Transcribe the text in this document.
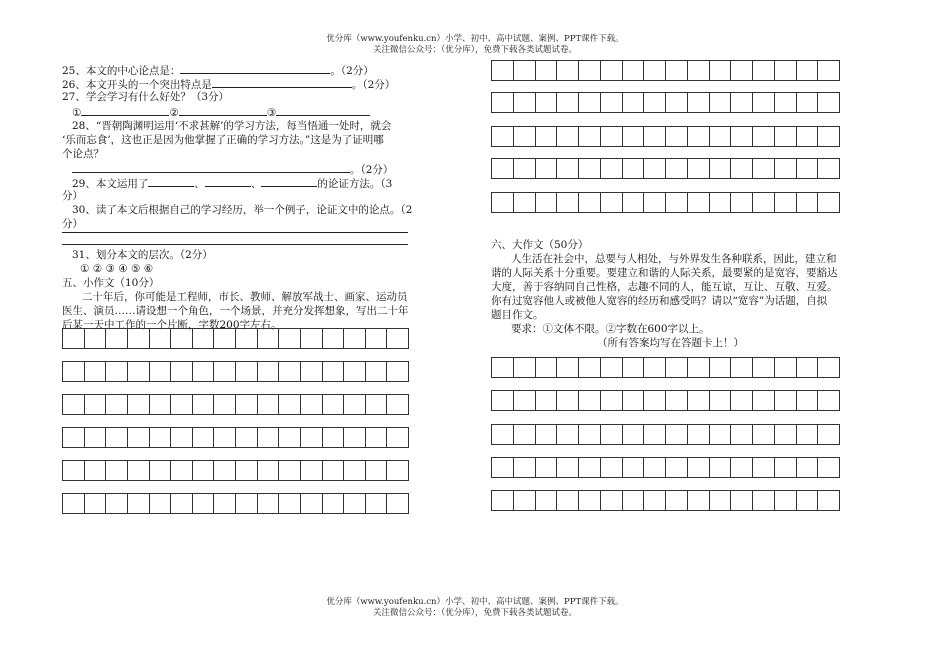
优分库（www.youfenku.cn）小学、初中、高中试题、案例、PPT课件下载。
关注微信公众号：（优分库），免费下载各类试题试卷。
25、本文的中心论点是：	。（2分）
26、本文开头的一个突出特点是	。（2分）
27、学会学习有什么好处？（3分）
①	②	③
28、“晋朝陶渊明运用‘不求甚解’的学习方法，每当悟通一处时，就会
‘乐而忘食’，这也正是因为他掌握了正确的学习方法。”这是为了证明哪
个论点？
。（2分）
29、本文运用了	、	、	的论证方法。（3
分）
30、读了本文后根据自己的学习经历，举一个例子，论证文中的论点。（2
分）
31、划分本文的层次。（2分）
① ② ③ ④ ⑤ ⑥
五、小作文（10分）
二十年后，你可能是工程师，市长、教师、解放军战士、画家、运动员
医生、演员……请设想一个角色，一个场景，并充分发挥想象，写出二十年
后某一天中工作的一个片断，字数200字左右。
六、大作文（50分）
人生活在社会中，总要与人相处，与外界发生各种联系，因此，建立和
谐的人际关系十分重要。要建立和谐的人际关系，最要紧的是宽容，要豁达
大度，善于容纳同自己性格，志趣不同的人，能互谅，互让、互敬、互爱。
你有过宽容他人或被他人宽容的经历和感受吗？请以“宽容”为话题，自拟
题目作文。
要求：①文体不限。②字数在600字以上。
（所有答案均写在答题卡上！）
优分库（www.youfenku.cn）小学、初中、高中试题、案例、PPT课件下载。
关注微信公众号：（优分库），免费下载各类试题试卷。
